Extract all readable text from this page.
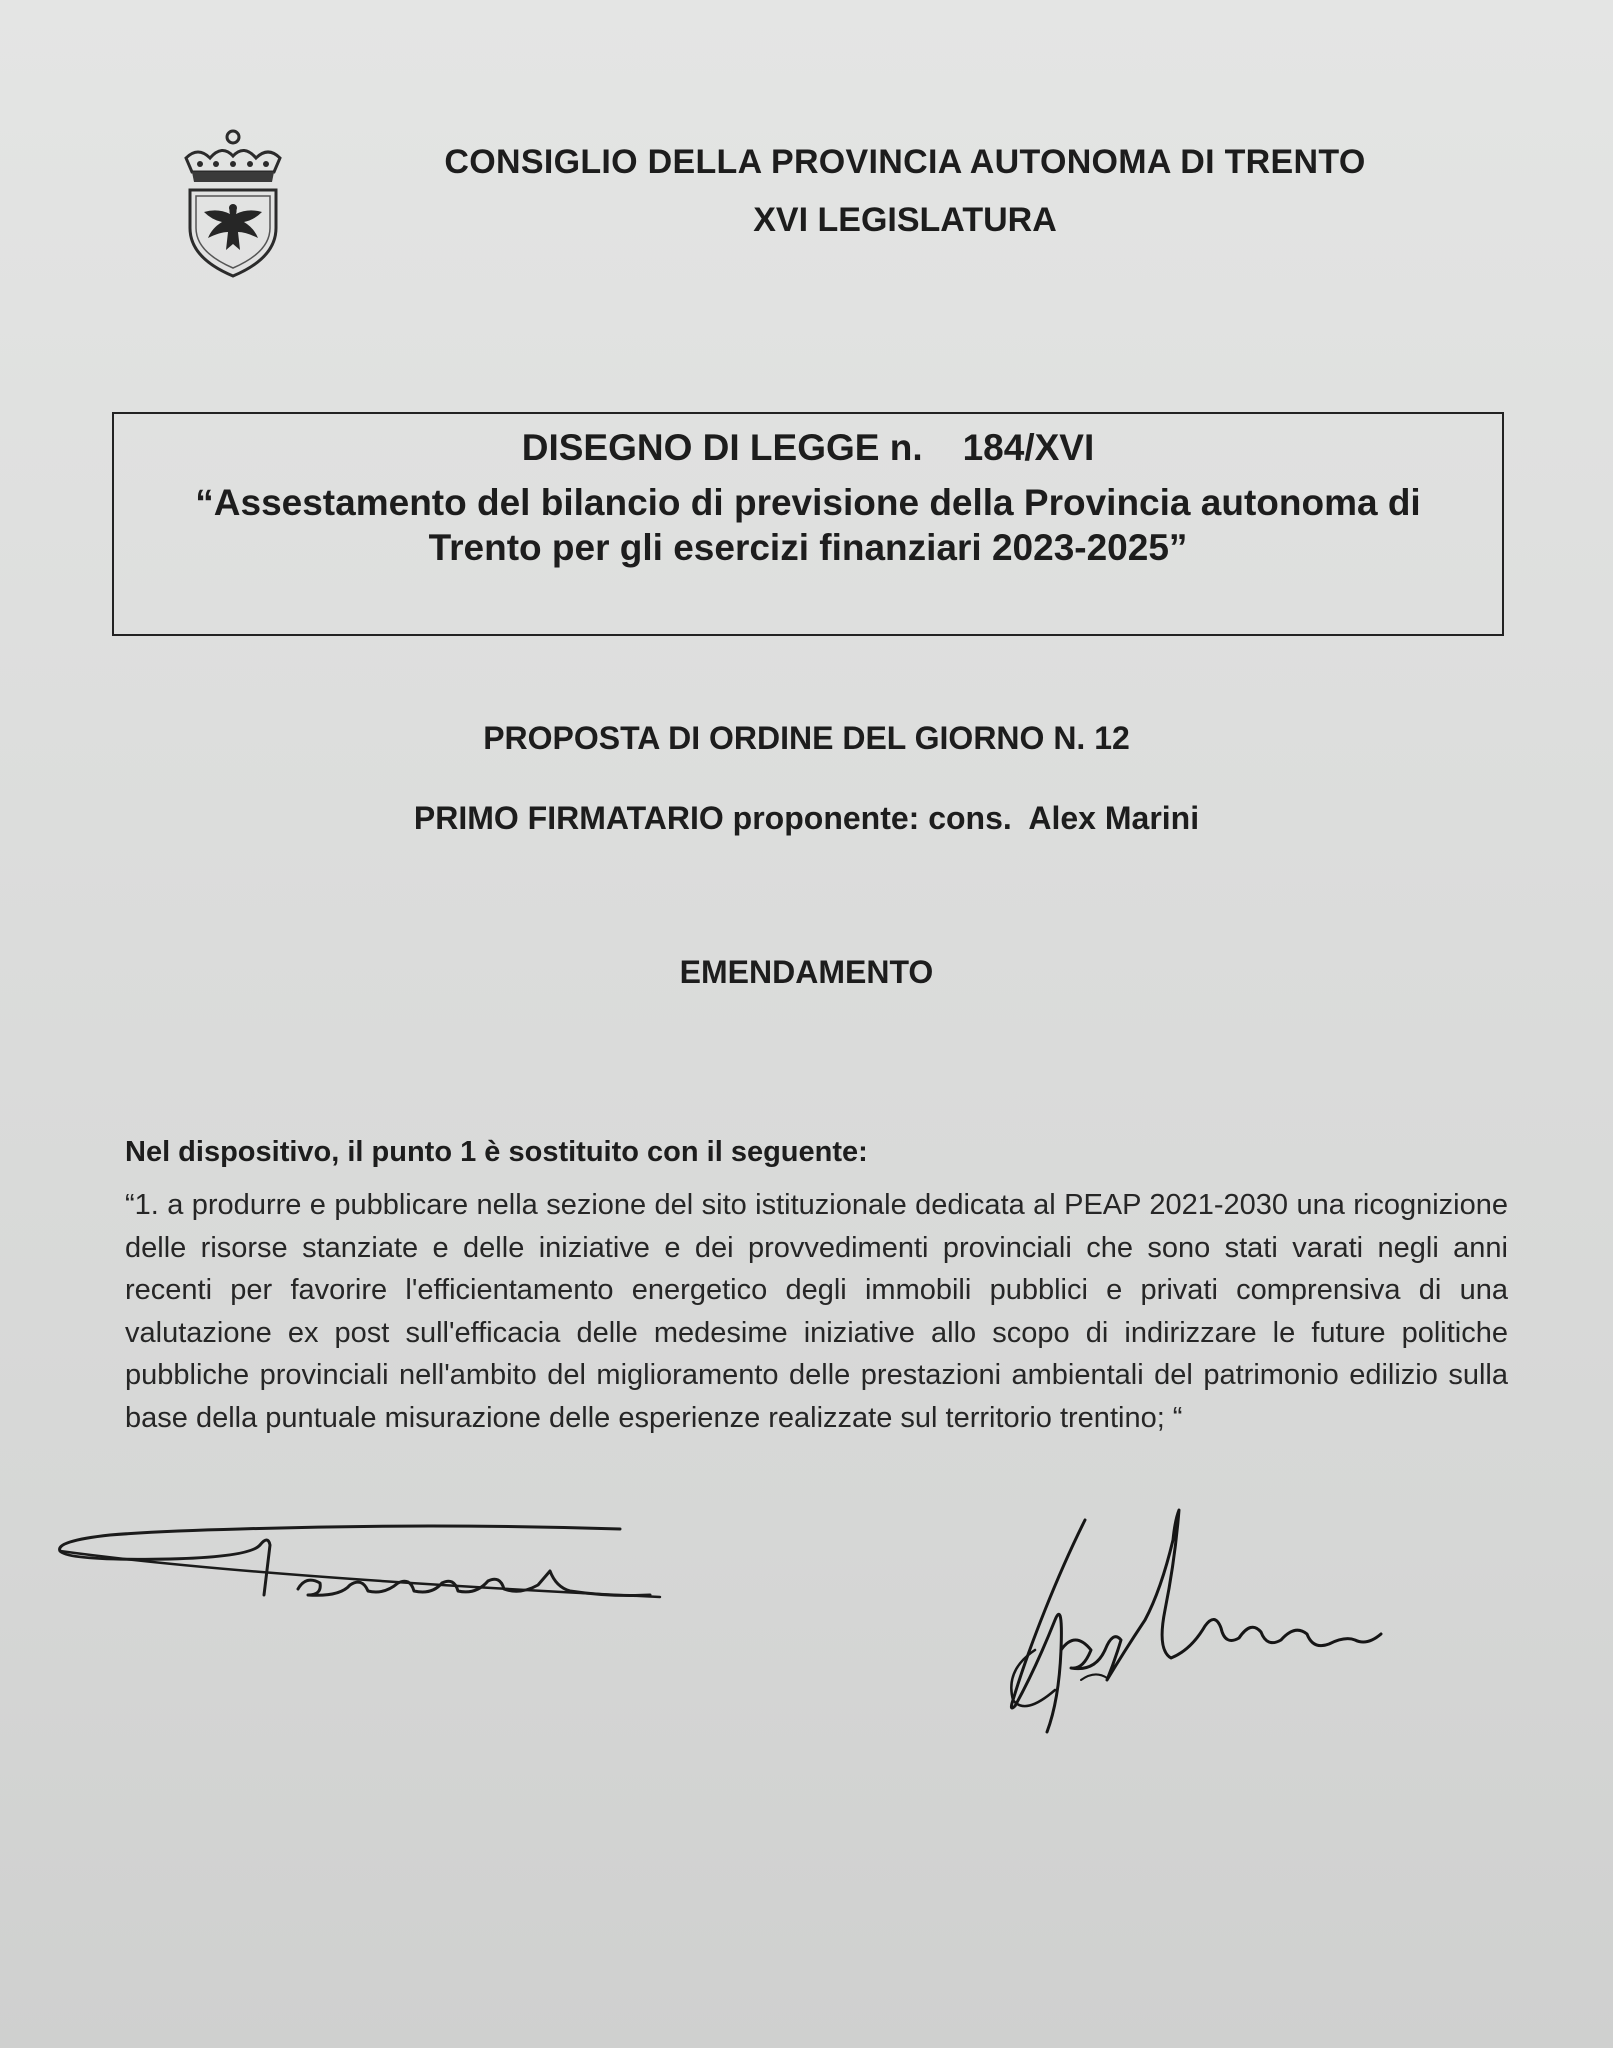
CONSIGLIO DELLA PROVINCIA AUTONOMA DI TRENTO
XVI LEGISLATURA
DISEGNO DI LEGGE n. 184/XVI
“Assestamento del bilancio di previsione della Provincia autonoma di Trento per gli esercizi finanziari 2023-2025”
PROPOSTA DI ORDINE DEL GIORNO N. 12
PRIMO FIRMATARIO proponente: cons.  Alex Marini
EMENDAMENTO
Nel dispositivo, il punto 1 è sostituito con il seguente:
“1. a produrre e pubblicare nella sezione del sito istituzionale dedicata al PEAP 2021-2030 una ricognizione delle risorse stanziate e delle iniziative e dei provvedimenti provinciali che sono stati varati negli anni recenti per favorire l'efficientamento energetico degli immobili pubblici e privati comprensiva di una valutazione ex post sull'efficacia delle medesime iniziative allo scopo di indirizzare le future politiche pubbliche provinciali nell'ambito del miglioramento delle prestazioni ambientali del patrimonio edilizio sulla base della puntuale misurazione delle esperienze realizzate sul territorio trentino; “
